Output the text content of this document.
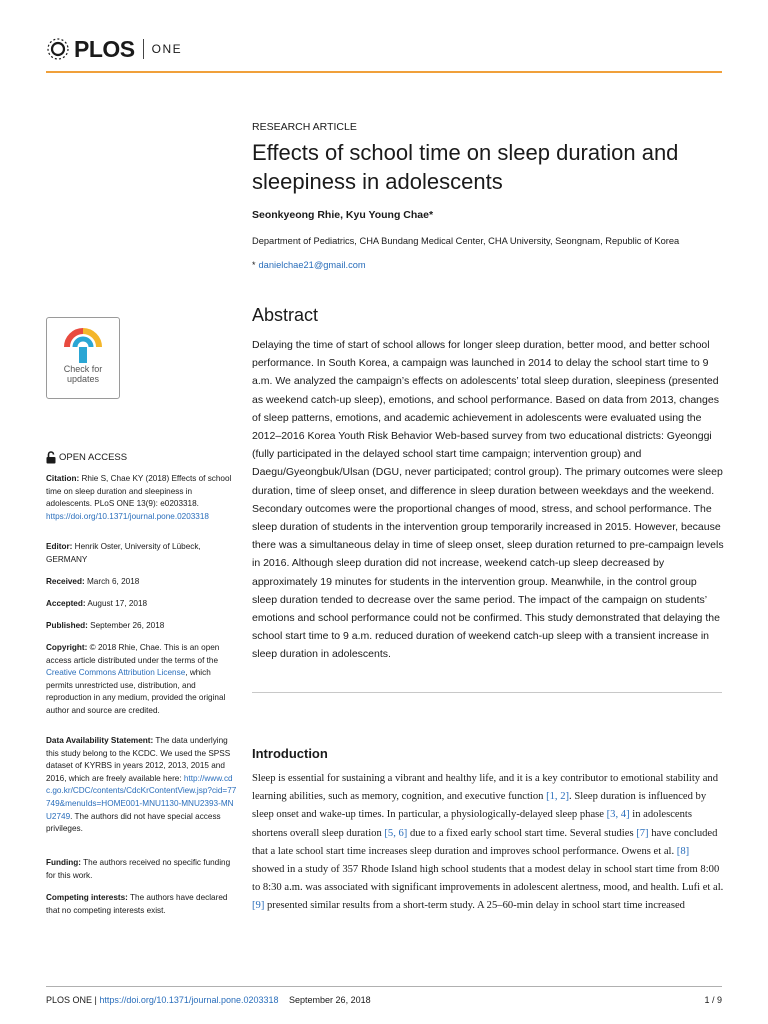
PLOS ONE
RESEARCH ARTICLE
Effects of school time on sleep duration and sleepiness in adolescents
Seonkyeong Rhie, Kyu Young Chae*
Department of Pediatrics, CHA Bundang Medical Center, CHA University, Seongnam, Republic of Korea
* danielchae21@gmail.com
Abstract
Delaying the time of start of school allows for longer sleep duration, better mood, and better school performance. In South Korea, a campaign was launched in 2014 to delay the school start time to 9 a.m. We analyzed the campaign’s effects on adolescents’ total sleep duration, sleepiness (presented as weekend catch-up sleep), emotions, and school performance. Based on data from 2013, changes of sleep patterns, emotions, and academic achievement in adolescents were evaluated using the 2012–2016 Korea Youth Risk Behavior Web-based survey from two educational districts: Gyeonggi (fully participated in the delayed school start time campaign; intervention group) and Daegu/Gyeongbuk/Ulsan (DGU, never participated; control group). The primary outcomes were sleep duration, time of sleep onset, and difference in sleep duration between weekdays and the weekend. Secondary outcomes were the proportional changes of mood, stress, and school performance. The sleep duration of students in the intervention group temporarily increased in 2015. However, because there was a simultaneous delay in time of sleep onset, sleep duration returned to pre-campaign levels in 2016. Although sleep duration did not increase, weekend catch-up sleep decreased by approximately 19 minutes for students in the intervention group. Meanwhile, in the control group sleep duration tended to decrease over the same period. The impact of the campaign on students’ emotions and school performance could not be confirmed. This study demonstrated that delaying the school start time to 9 a.m. reduced duration of weekend catch-up sleep with a transient increase in sleep duration in adolescents.
Introduction
Sleep is essential for sustaining a vibrant and healthy life, and it is a key contributor to emotional stability and learning abilities, such as memory, cognition, and executive function [1, 2]. Sleep duration is influenced by sleep onset and wake-up times. In particular, a physiologically-delayed sleep phase [3, 4] in adolescents shortens overall sleep duration [5, 6] due to a fixed early school start time. Several studies [7] have concluded that a late school start time increases sleep duration and improves school performance. Owens et al. [8] showed in a study of 357 Rhode Island high school students that a modest delay in school start time from 8:00 to 8:30 a.m. was associated with significant improvements in adolescent alertness, mood, and health. Lufi et al. [9] presented similar results from a short-term study. A 25–60-min delay in school start time increased
Check for
updates
OPEN ACCESS
Citation: Rhie S, Chae KY (2018) Effects of school time on sleep duration and sleepiness in adolescents. PLoS ONE 13(9): e0203318. https://doi.org/10.1371/journal.pone.0203318
Editor: Henrik Oster, University of Lübeck, GERMANY
Received: March 6, 2018
Accepted: August 17, 2018
Published: September 26, 2018
Copyright: © 2018 Rhie, Chae. This is an open access article distributed under the terms of the Creative Commons Attribution License, which permits unrestricted use, distribution, and reproduction in any medium, provided the original author and source are credited.
Data Availability Statement: The data underlying this study belong to the KCDC. We used the SPSS dataset of KYRBS in years 2012, 2013, 2015 and 2016, which are freely available here: http://www.cdc.go.kr/CDC/contents/CdcKrContentView.jsp?cid=77749&menuIds=HOME001-MNU1130-MNU2393-MNU2749. The authors did not have special access privileges.
Funding: The authors received no specific funding for this work.
Competing interests: The authors have declared that no competing interests exist.
PLOS ONE | https://doi.org/10.1371/journal.pone.0203318 September 26, 2018	1 / 9
